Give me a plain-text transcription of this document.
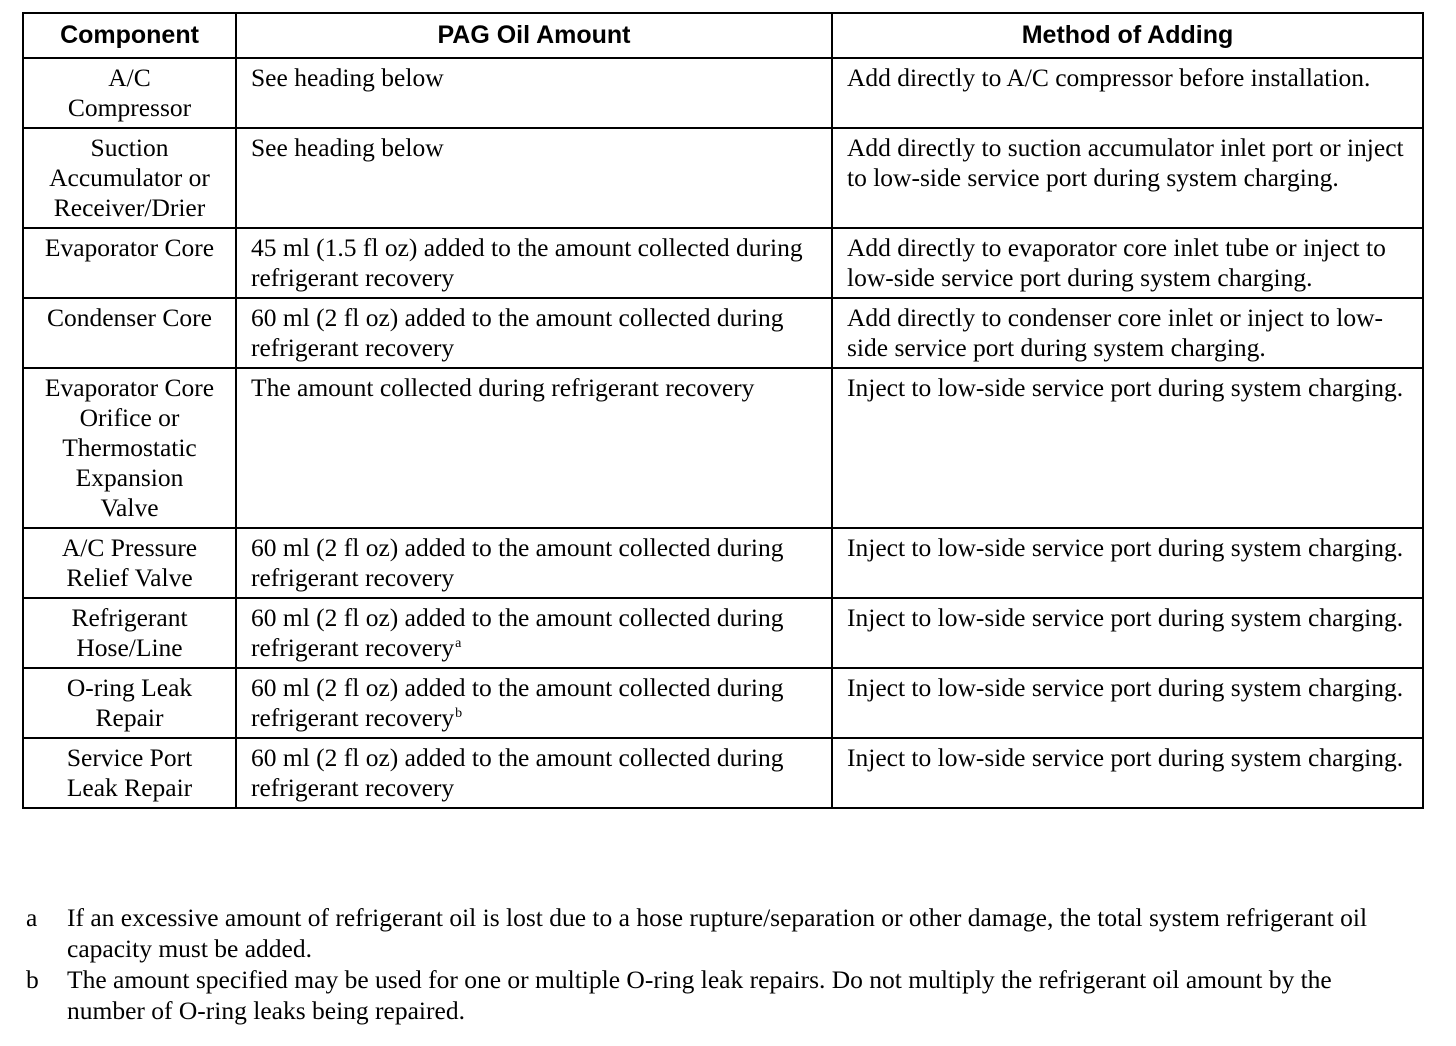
Component	PAG Oil Amount	Method of Adding
A/C
Compressor	See heading below	Add directly to A/C compressor before installation.
Suction
Accumulator or
Receiver/Drier	See heading below	Add directly to suction accumulator inlet port or inject to low-side service port during system charging.
Evaporator Core	45 ml (1.5 fl oz) added to the amount collected during refrigerant recovery	Add directly to evaporator core inlet tube or inject to low-side service port during system charging.
Condenser Core	60 ml (2 fl oz) added to the amount collected during refrigerant recovery	Add directly to condenser core inlet or inject to low-side service port during system charging.
Evaporator Core
Orifice or
Thermostatic
Expansion
Valve	The amount collected during refrigerant recovery	Inject to low-side service port during system charging.
A/C Pressure
Relief Valve	60 ml (2 fl oz) added to the amount collected during refrigerant recovery	Inject to low-side service port during system charging.
Refrigerant
Hose/Line	60 ml (2 fl oz) added to the amount collected during refrigerant recovery$^a$	Inject to low-side service port during system charging.
O-ring Leak
Repair	60 ml (2 fl oz) added to the amount collected during refrigerant recovery$^b$	Inject to low-side service port during system charging.
Service Port
Leak Repair	60 ml (2 fl oz) added to the amount collected during refrigerant recovery	Inject to low-side service port during system charging.
a	If an excessive amount of refrigerant oil is lost due to a hose rupture/separation or other damage, the total system refrigerant oil capacity must be added.
b	The amount specified may be used for one or multiple O-ring leak repairs. Do not multiply the refrigerant oil amount by the number of O-ring leaks being repaired.
